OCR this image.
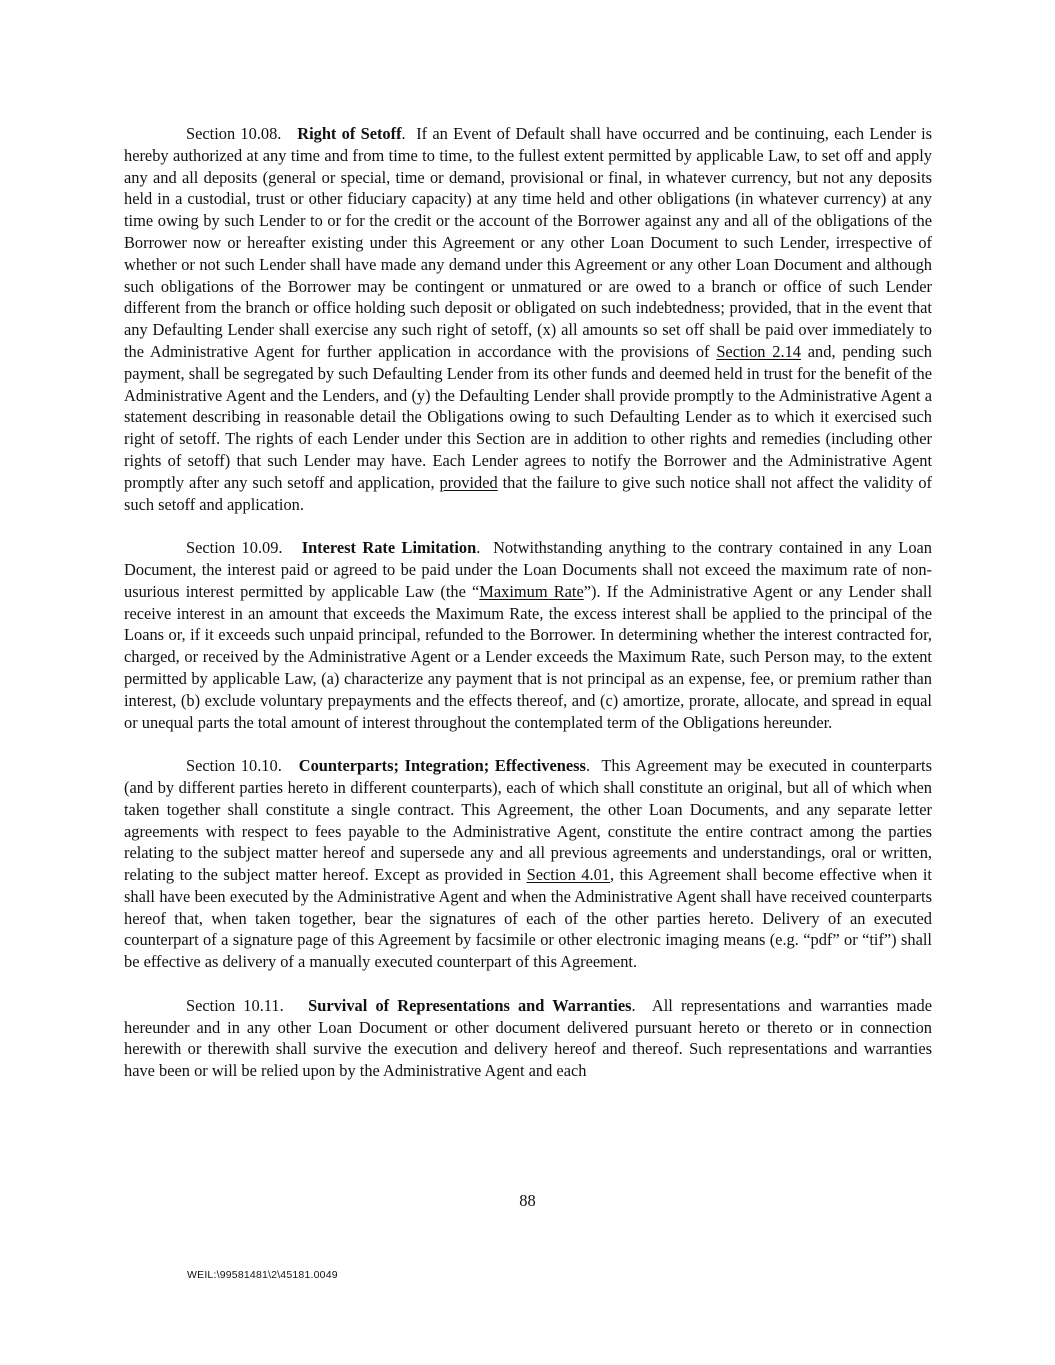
Section 10.08. Right of Setoff.  If an Event of Default shall have occurred and be continuing, each Lender is hereby authorized at any time and from time to time, to the fullest extent permitted by applicable Law, to set off and apply any and all deposits (general or special, time or demand, provisional or final, in whatever currency, but not any deposits held in a custodial, trust or other fiduciary capacity) at any time held and other obligations (in whatever currency) at any time owing by such Lender to or for the credit or the account of the Borrower against any and all of the obligations of the Borrower now or hereafter existing under this Agreement or any other Loan Document to such Lender, irrespective of whether or not such Lender shall have made any demand under this Agreement or any other Loan Document and although such obligations of the Borrower may be contingent or unmatured or are owed to a branch or office of such Lender different from the branch or office holding such deposit or obligated on such indebtedness; provided, that in the event that any Defaulting Lender shall exercise any such right of setoff, (x) all amounts so set off shall be paid over immediately to the Administrative Agent for further application in accordance with the provisions of Section 2.14 and, pending such payment, shall be segregated by such Defaulting Lender from its other funds and deemed held in trust for the benefit of the Administrative Agent and the Lenders, and (y) the Defaulting Lender shall provide promptly to the Administrative Agent a statement describing in reasonable detail the Obligations owing to such Defaulting Lender as to which it exercised such right of setoff. The rights of each Lender under this Section are in addition to other rights and remedies (including other rights of setoff) that such Lender may have. Each Lender agrees to notify the Borrower and the Administrative Agent promptly after any such setoff and application, provided that the failure to give such notice shall not affect the validity of such setoff and application.

Section 10.09. Interest Rate Limitation.  Notwithstanding anything to the contrary contained in any Loan Document, the interest paid or agreed to be paid under the Loan Documents shall not exceed the maximum rate of non-usurious interest permitted by applicable Law (the “Maximum Rate”). If the Administrative Agent or any Lender shall receive interest in an amount that exceeds the Maximum Rate, the excess interest shall be applied to the principal of the Loans or, if it exceeds such unpaid principal, refunded to the Borrower. In determining whether the interest contracted for, charged, or received by the Administrative Agent or a Lender exceeds the Maximum Rate, such Person may, to the extent permitted by applicable Law, (a) characterize any payment that is not principal as an expense, fee, or premium rather than interest, (b) exclude voluntary prepayments and the effects thereof, and (c) amortize, prorate, allocate, and spread in equal or unequal parts the total amount of interest throughout the contemplated term of the Obligations hereunder.

Section 10.10. Counterparts; Integration; Effectiveness.  This Agreement may be executed in counterparts (and by different parties hereto in different counterparts), each of which shall constitute an original, but all of which when taken together shall constitute a single contract. This Agreement, the other Loan Documents, and any separate letter agreements with respect to fees payable to the Administrative Agent, constitute the entire contract among the parties relating to the subject matter hereof and supersede any and all previous agreements and understandings, oral or written, relating to the subject matter hereof. Except as provided in Section 4.01, this Agreement shall become effective when it shall have been executed by the Administrative Agent and when the Administrative Agent shall have received counterparts hereof that, when taken together, bear the signatures of each of the other parties hereto. Delivery of an executed counterpart of a signature page of this Agreement by facsimile or other electronic imaging means (e.g. “pdf” or “tif”) shall be effective as delivery of a manually executed counterpart of this Agreement.

Section 10.11. Survival of Representations and Warranties.  All representations and warranties made hereunder and in any other Loan Document or other document delivered pursuant hereto or thereto or in connection herewith or therewith shall survive the execution and delivery hereof and thereof. Such representations and warranties have been or will be relied upon by the Administrative Agent and each

88
WEIL:\99581481\2\45181.0049
